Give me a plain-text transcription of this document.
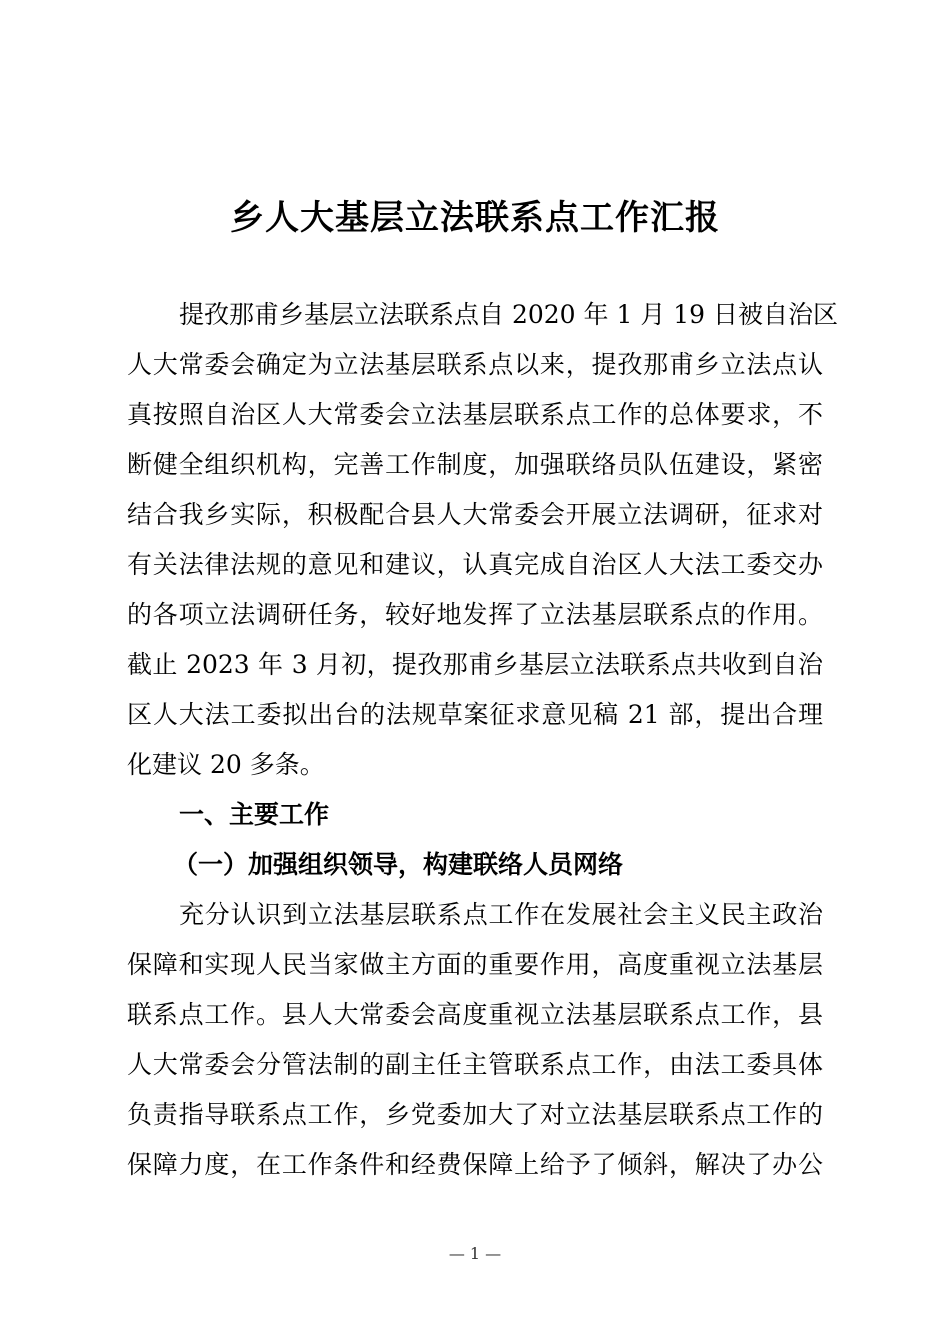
乡人大基层立法联系点工作汇报
提孜那甫乡基层立法联系点自 2020 年 1 月 19 日被自治区
人大常委会确定为立法基层联系点以来，提孜那甫乡立法点认
真按照自治区人大常委会立法基层联系点工作的总体要求，不
断健全组织机构，完善工作制度，加强联络员队伍建设，紧密
结合我乡实际，积极配合县人大常委会开展立法调研，征求对
有关法律法规的意见和建议，认真完成自治区人大法工委交办
的各项立法调研任务，较好地发挥了立法基层联系点的作用。
截止 2023 年 3 月初，提孜那甫乡基层立法联系点共收到自治
区人大法工委拟出台的法规草案征求意见稿 21 部，提出合理
化建议 20 多条。
一、主要工作
（一）加强组织领导，构建联络人员网络
充分认识到立法基层联系点工作在发展社会主义民主政治
保障和实现人民当家做主方面的重要作用，高度重视立法基层
联系点工作。县人大常委会高度重视立法基层联系点工作，县
人大常委会分管法制的副主任主管联系点工作，由法工委具体
负责指导联系点工作，乡党委加大了对立法基层联系点工作的
保障力度，在工作条件和经费保障上给予了倾斜，解决了办公
— 1 —
